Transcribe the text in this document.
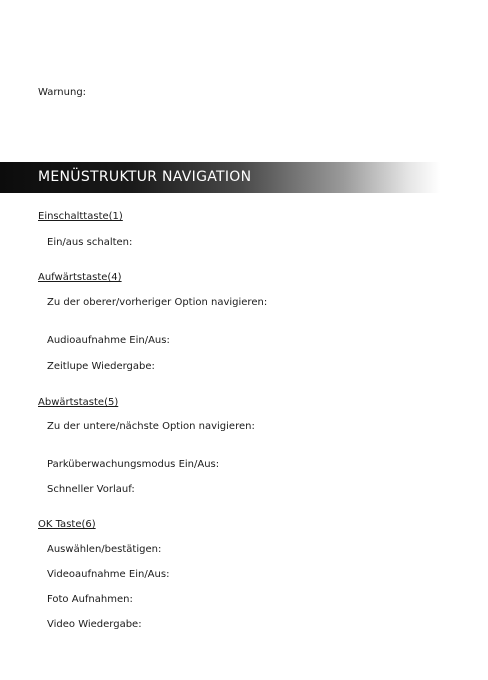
Warnung:
MENÜSTRUKTUR NAVIGATION
Einschalttaste(1)
Ein/aus schalten:
Aufwärtstaste(4)
Zu der oberer/vorheriger Option navigieren:
Audioaufnahme Ein/Aus:
Zeitlupe Wiedergabe:
Abwärtstaste(5)
Zu der untere/nächste Option navigieren:
Parküberwachungsmodus Ein/Aus:
Schneller Vorlauf:
OK Taste(6)
Auswählen/bestätigen:
Videoaufnahme Ein/Aus:
Foto Aufnahmen:
Video Wiedergabe:
